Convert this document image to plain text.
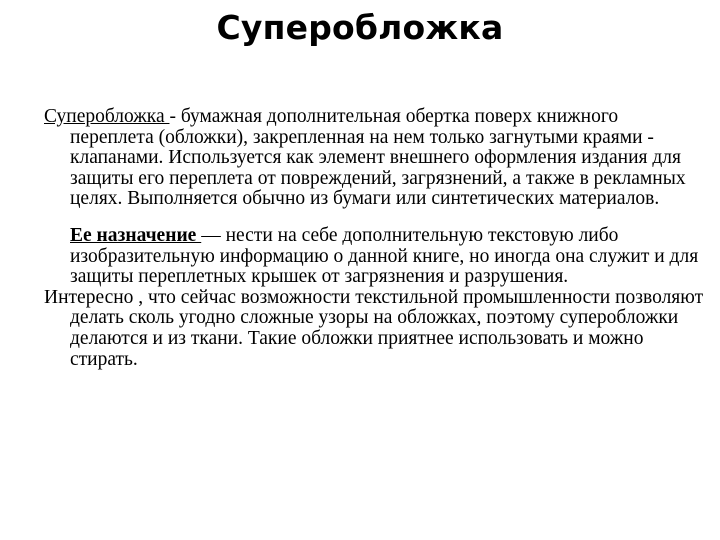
Суперобложка

Суперобложка - бумажная дополнительная обертка поверх книжного переплета (обложки), закрепленная на нем только загнутыми краями - клапанами. Используется как элемент внешнего оформления издания для защиты его переплета от повреждений, загрязнений, а также в рекламных целях. Выполняется обычно из бумаги или синтетических материалов.

Ее назначение — нести на себе дополнительную текстовую либо изобразительную информацию о данной книге, но иногда она служит и для защиты переплетных крышек от загрязнения и разрушения.

Интересно , что сейчас возможности текстильной промышленности позволяют делать сколь угодно сложные узоры на обложках, поэтому суперобложки делаются и из ткани. Такие обложки приятнее использовать и можно стирать.
